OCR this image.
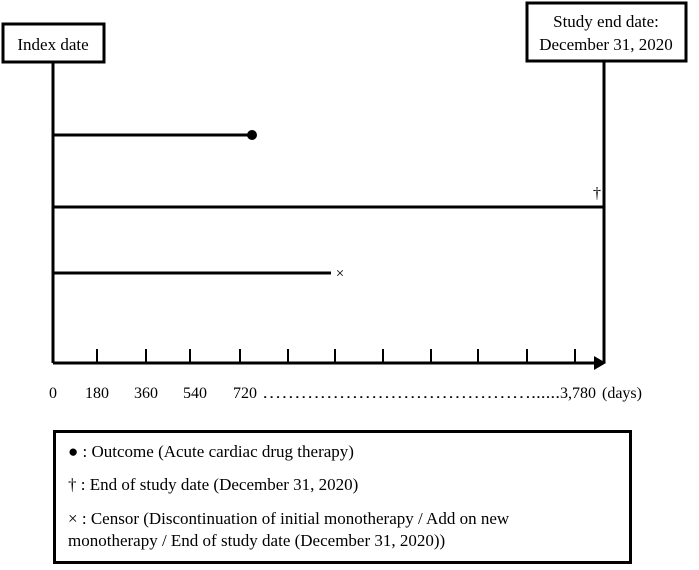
Index date
Study end date:
December 31, 2020
†
×
0 180 360 540 720 ……………………………………...... 3,780 (days)
● : Outcome (Acute cardiac drug therapy)
† : End of study date (December 31, 2020)
× : Censor (Discontinuation of initial monotherapy / Add on new
monotherapy / End of study date (December 31, 2020))
